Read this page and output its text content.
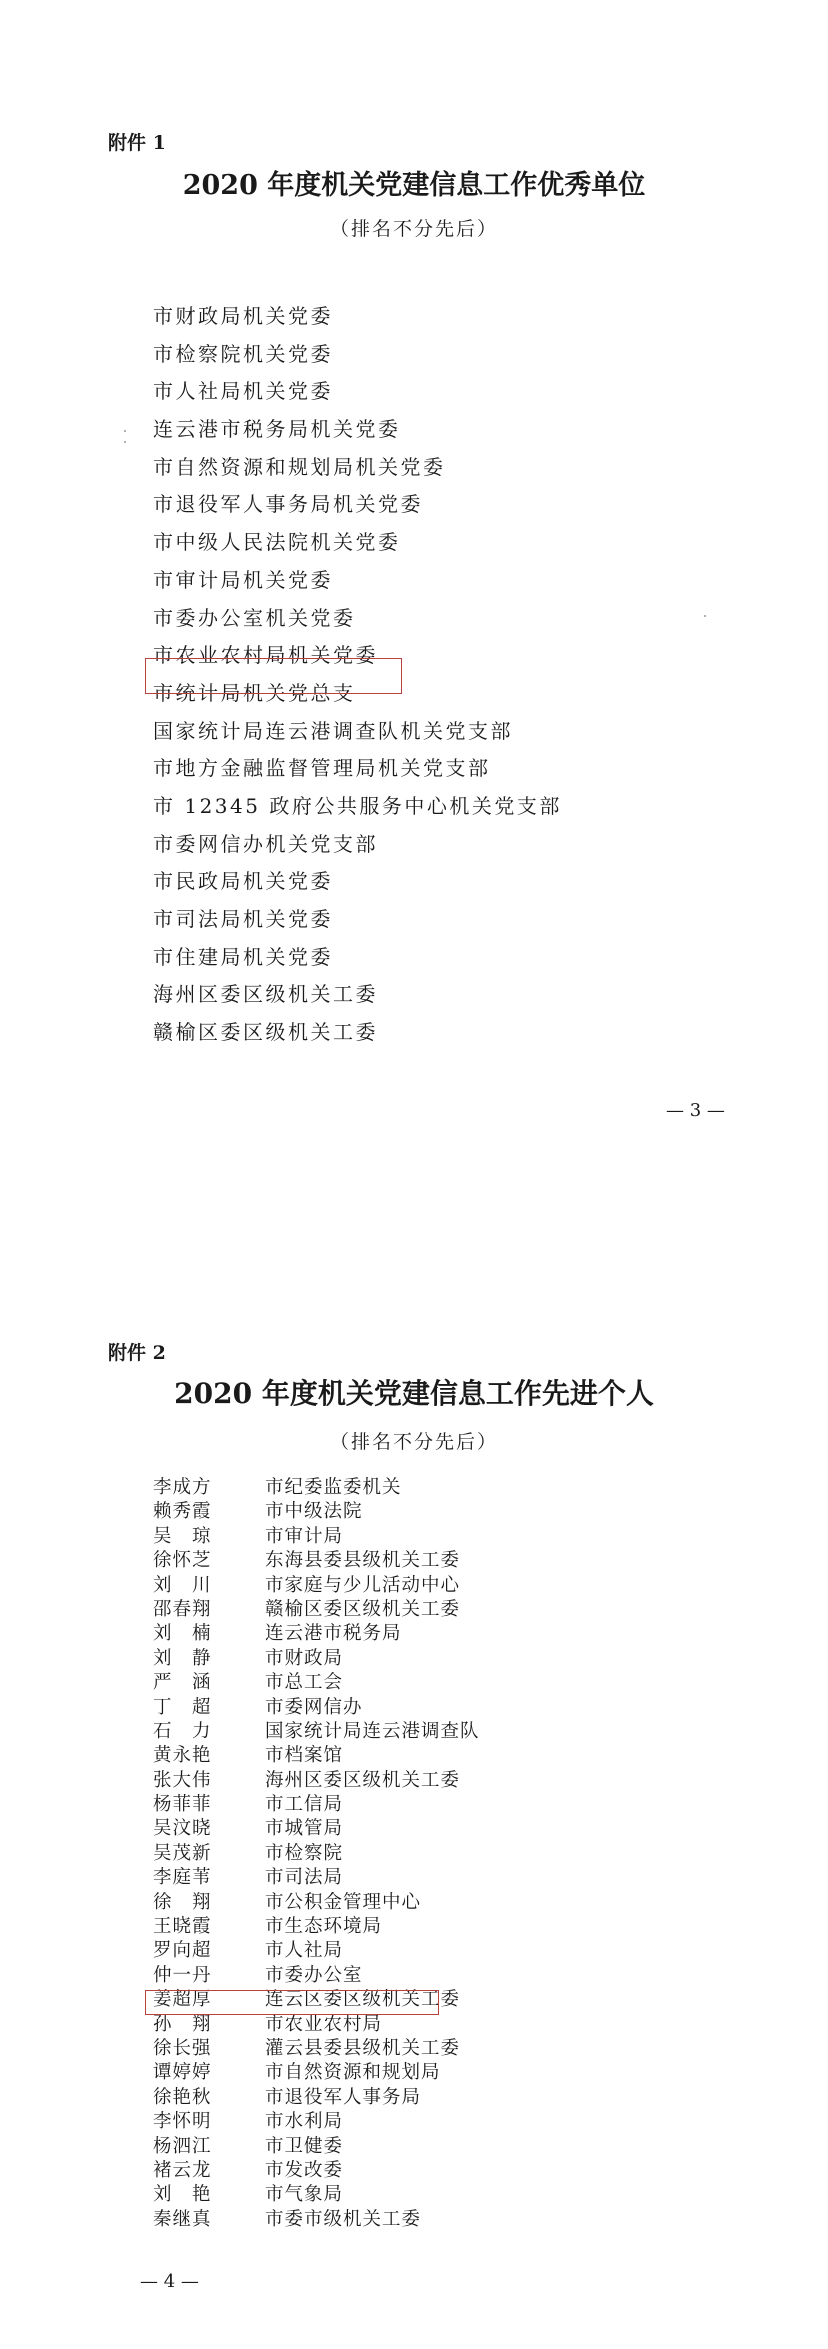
附件 1
2020 年度机关党建信息工作优秀单位
（排名不分先后）
市财政局机关党委
市检察院机关党委
市人社局机关党委
连云港市税务局机关党委
市自然资源和规划局机关党委
市退役军人事务局机关党委
市中级人民法院机关党委
市审计局机关党委
市委办公室机关党委
市农业农村局机关党委
市统计局机关党总支
国家统计局连云港调查队机关党支部
市地方金融监督管理局机关党支部
市 12345 政府公共服务中心机关党支部
市委网信办机关党支部
市民政局机关党委
市司法局机关党委
市住建局机关党委
海州区委区级机关工委
赣榆区委区级机关工委
— 3 —
附件 2
2020 年度机关党建信息工作先进个人
（排名不分先后）
李成方	市纪委监委机关
赖秀霞	市中级法院
吴　琼	市审计局
徐怀芝	东海县委县级机关工委
刘　川	市家庭与少儿活动中心
邵春翔	赣榆区委区级机关工委
刘　楠	连云港市税务局
刘　静	市财政局
严　涵	市总工会
丁　超	市委网信办
石　力	国家统计局连云港调查队
黄永艳	市档案馆
张大伟	海州区委区级机关工委
杨菲菲	市工信局
吴汶晓	市城管局
吴茂新	市检察院
李庭苇	市司法局
徐　翔	市公积金管理中心
王晓霞	市生态环境局
罗向超	市人社局
仲一丹	市委办公室
姜超厚	连云区委区级机关工委
孙　翔	市农业农村局
徐长强	灌云县委县级机关工委
谭婷婷	市自然资源和规划局
徐艳秋	市退役军人事务局
李怀明	市水利局
杨泗江	市卫健委
褚云龙	市发改委
刘　艳	市气象局
秦继真	市委市级机关工委
— 4 —
